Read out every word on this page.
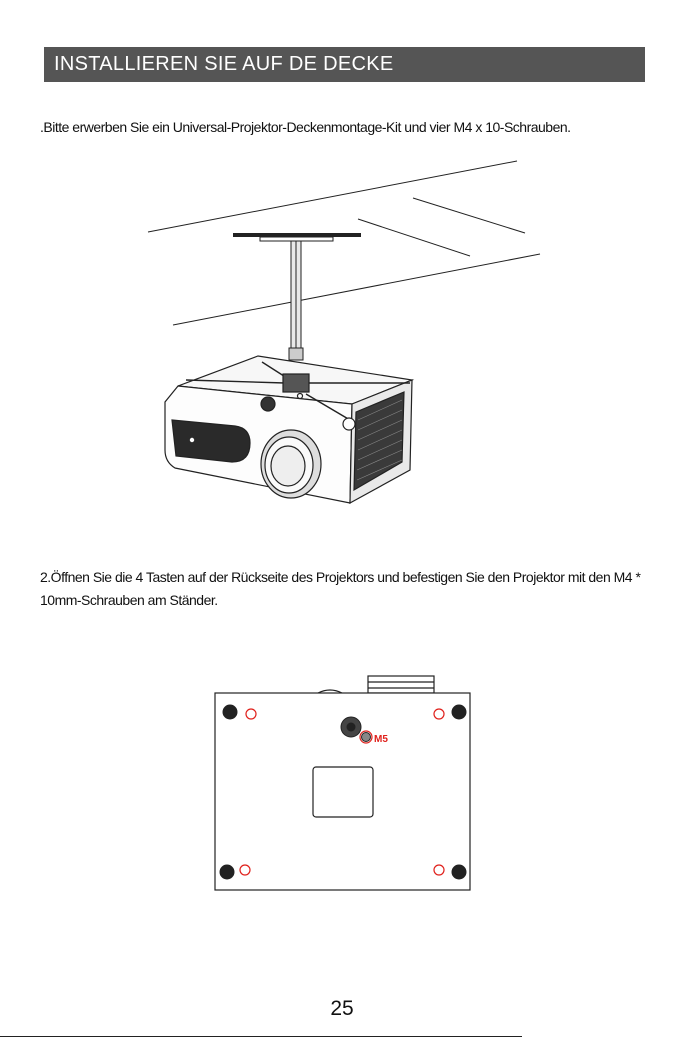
INSTALLIEREN SIE AUF DE DECKE
.Bitte erwerben Sie ein Universal-Projektor-Deckenmontage-Kit und vier M4 x 10-Schrauben.
2.Öffnen Sie die 4 Tasten auf der Rückseite des Projektors und befestigen Sie den Projektor mit den M4 * 10mm-Schrauben am Ständer.
M5
25
